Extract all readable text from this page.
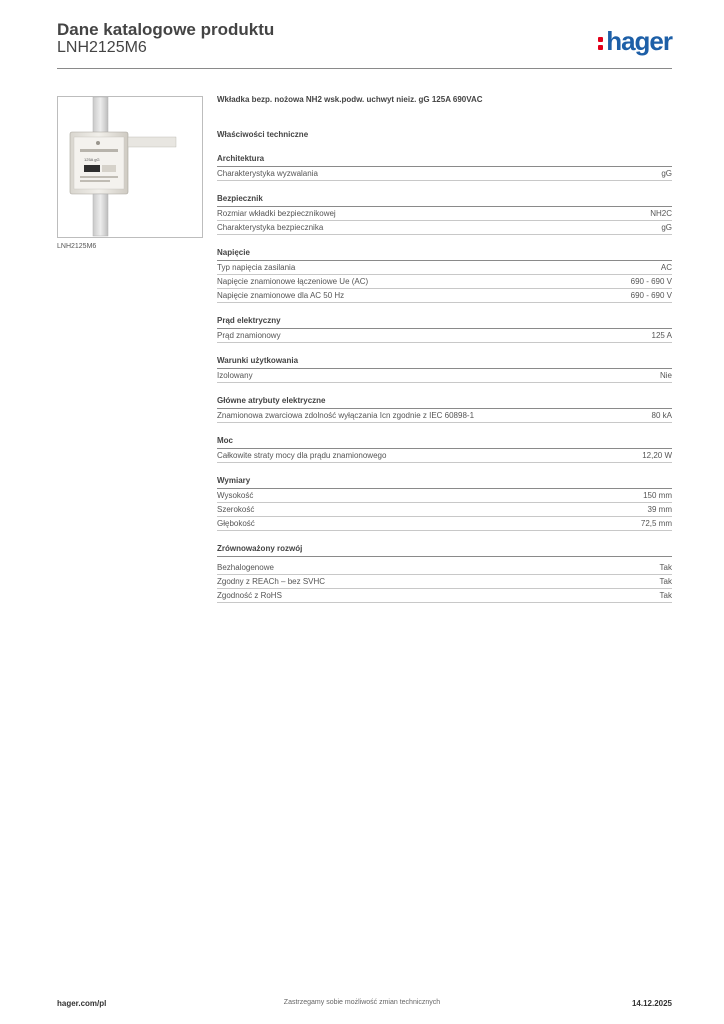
Dane katalogowe produktu
LNH2125M6	hager
125A gG
LNH2125M6
Wkładka bezp. nożowa NH2 wsk.podw. uchwyt nieiz. gG 125A 690VAC
Właściwości techniczne
Architektura
Charakterystyka wyzwalania	gG
Bezpiecznik
Rozmiar wkładki bezpiecznikowej	NH2C
Charakterystyka bezpiecznika	gG
Napięcie
Typ napięcia zasilania	AC
Napięcie znamionowe łączeniowe Ue (AC)	690 - 690 V
Napięcie znamionowe dla AC 50 Hz	690 - 690 V
Prąd elektryczny
Prąd znamionowy	125 A
Warunki użytkowania
Izolowany	Nie
Główne atrybuty elektryczne
Znamionowa zwarciowa zdolność wyłączania Icn zgodnie z IEC 60898-1	80 kA
Moc
Całkowite straty mocy dla prądu znamionowego	12,20 W
Wymiary
Wysokość	150 mm
Szerokość	39 mm
Głębokość	72,5 mm
Zrównoważony rozwój
Bezhalogenowe	Tak
Zgodny z REACh – bez SVHC	Tak
Zgodność z RoHS	Tak
hager.com/pl	Zastrzegamy sobie możliwość zmian technicznych	14.12.2025
